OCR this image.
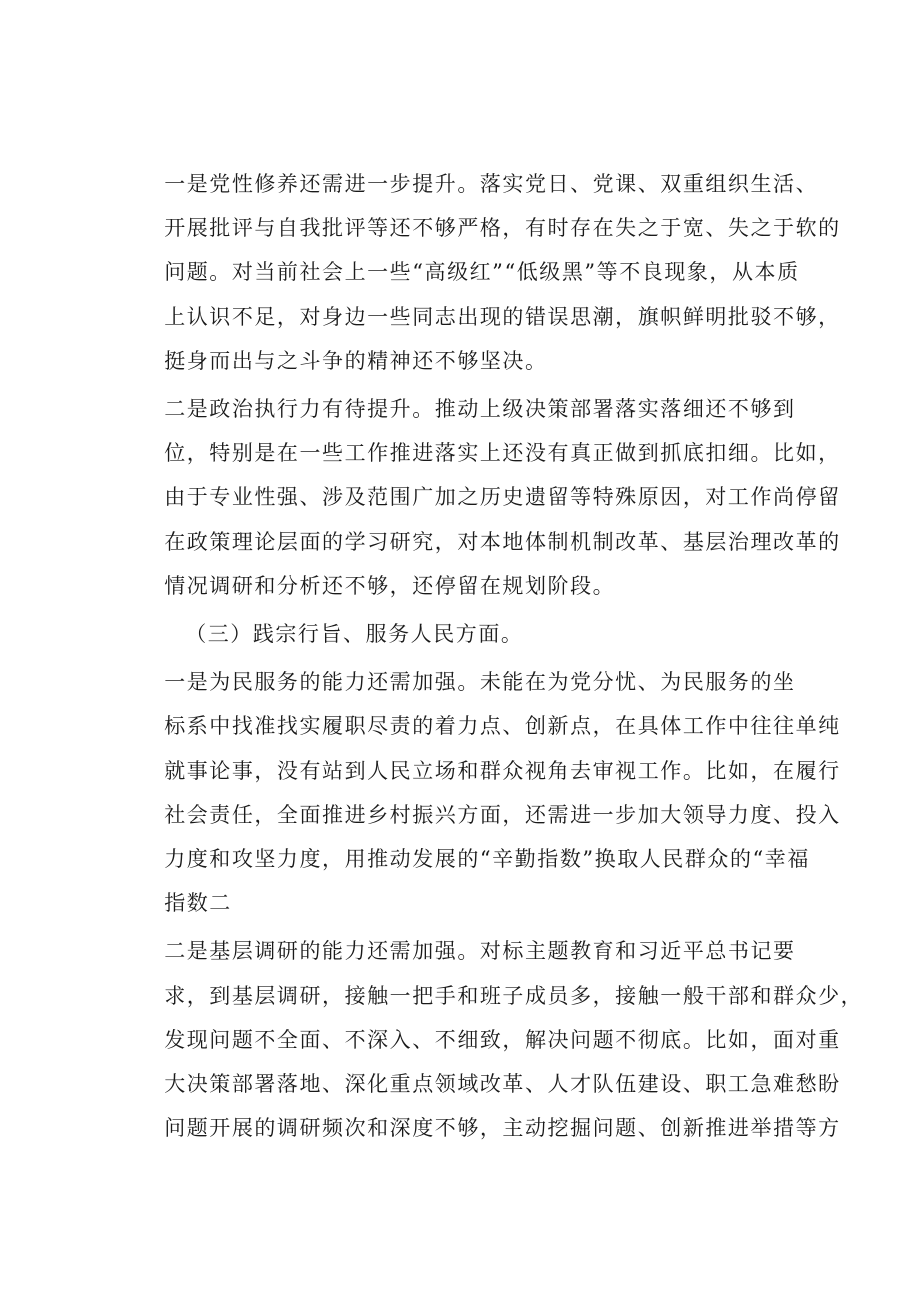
一是党性修养还需进一步提升。落实党日、党课、双重组织生活、
开展批评与自我批评等还不够严格，有时存在失之于宽、失之于软的
问题。对当前社会上一些“高级红”“低级黑”等不良现象，从本质
上认识不足，对身边一些同志出现的错误思潮，旗帜鲜明批驳不够，
挺身而出与之斗争的精神还不够坚决。

二是政治执行力有待提升。推动上级决策部署落实落细还不够到
位，特别是在一些工作推进落实上还没有真正做到抓底扣细。比如，
由于专业性强、涉及范围广加之历史遗留等特殊原因，对工作尚停留
在政策理论层面的学习研究，对本地体制机制改革、基层治理改革的
情况调研和分析还不够，还停留在规划阶段。

（三）践宗行旨、服务人民方面。

一是为民服务的能力还需加强。未能在为党分忧、为民服务的坐
标系中找准找实履职尽责的着力点、创新点，在具体工作中往往单纯
就事论事，没有站到人民立场和群众视角去审视工作。比如，在履行
社会责任，全面推进乡村振兴方面，还需进一步加大领导力度、投入
力度和攻坚力度，用推动发展的“辛勤指数”换取人民群众的“幸福
指数二

二是基层调研的能力还需加强。对标主题教育和习近平总书记要
求，到基层调研，接触一把手和班子成员多，接触一般干部和群众少，
发现问题不全面、不深入、不细致，解决问题不彻底。比如，面对重
大决策部署落地、深化重点领域改革、人才队伍建设、职工急难愁盼
问题开展的调研频次和深度不够，主动挖掘问题、创新推进举措等方
